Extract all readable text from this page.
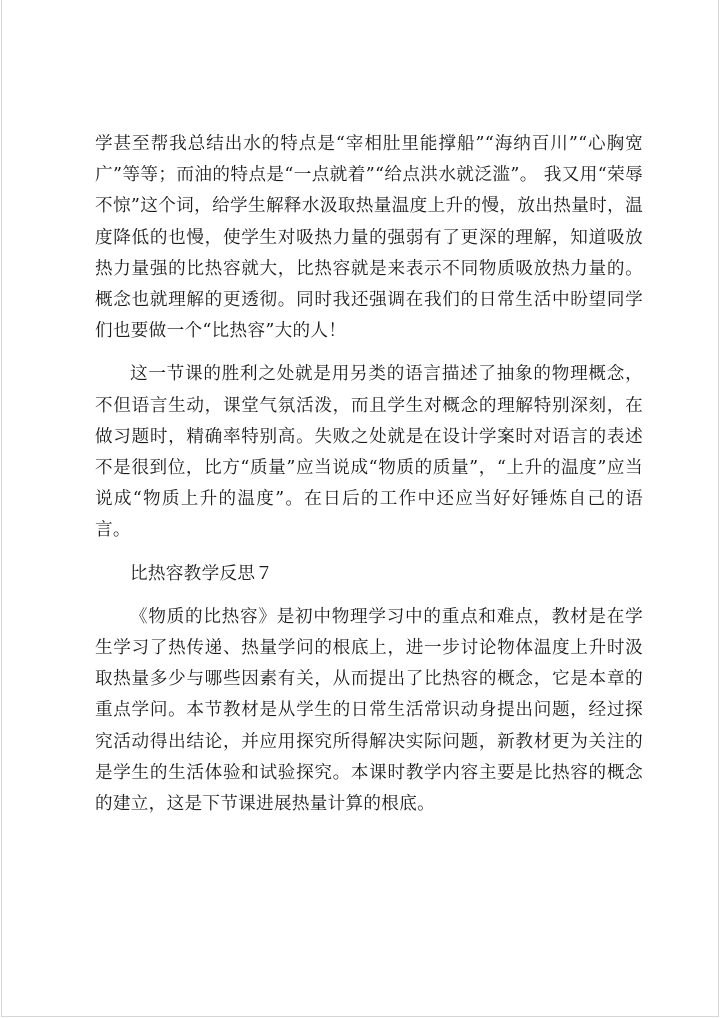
学甚至帮我总结出水的特点是“宰相肚里能撑船”“海纳百川”“心胸宽广”等等；而油的特点是“一点就着”“给点洪水就泛滥”。 我又用“荣辱不惊”这个词，给学生解释水汲取热量温度上升的慢，放出热量时，温度降低的也慢，使学生对吸热力量的强弱有了更深的理解，知道吸放热力量强的比热容就大，比热容就是来表示不同物质吸放热力量的。概念也就理解的更透彻。同时我还强调在我们的日常生活中盼望同学们也要做一个“比热容”大的人！

这一节课的胜利之处就是用另类的语言描述了抽象的物理概念，不但语言生动，课堂气氛活泼，而且学生对概念的理解特别深刻，在做习题时，精确率特别高。失败之处就是在设计学案时对语言的表述不是很到位，比方“质量”应当说成“物质的质量”，“上升的温度”应当说成“物质上升的温度”。在日后的工作中还应当好好锤炼自己的语言。

比热容教学反思７

《物质的比热容》是初中物理学习中的重点和难点，教材是在学生学习了热传递、热量学问的根底上，进一步讨论物体温度上升时汲取热量多少与哪些因素有关，从而提出了比热容的概念，它是本章的重点学问。本节教材是从学生的日常生活常识动身提出问题，经过探究活动得出结论，并应用探究所得解决实际问题，新教材更为关注的是学生的生活体验和试验探究。本课时教学内容主要是比热容的概念的建立，这是下节课进展热量计算的根底。
